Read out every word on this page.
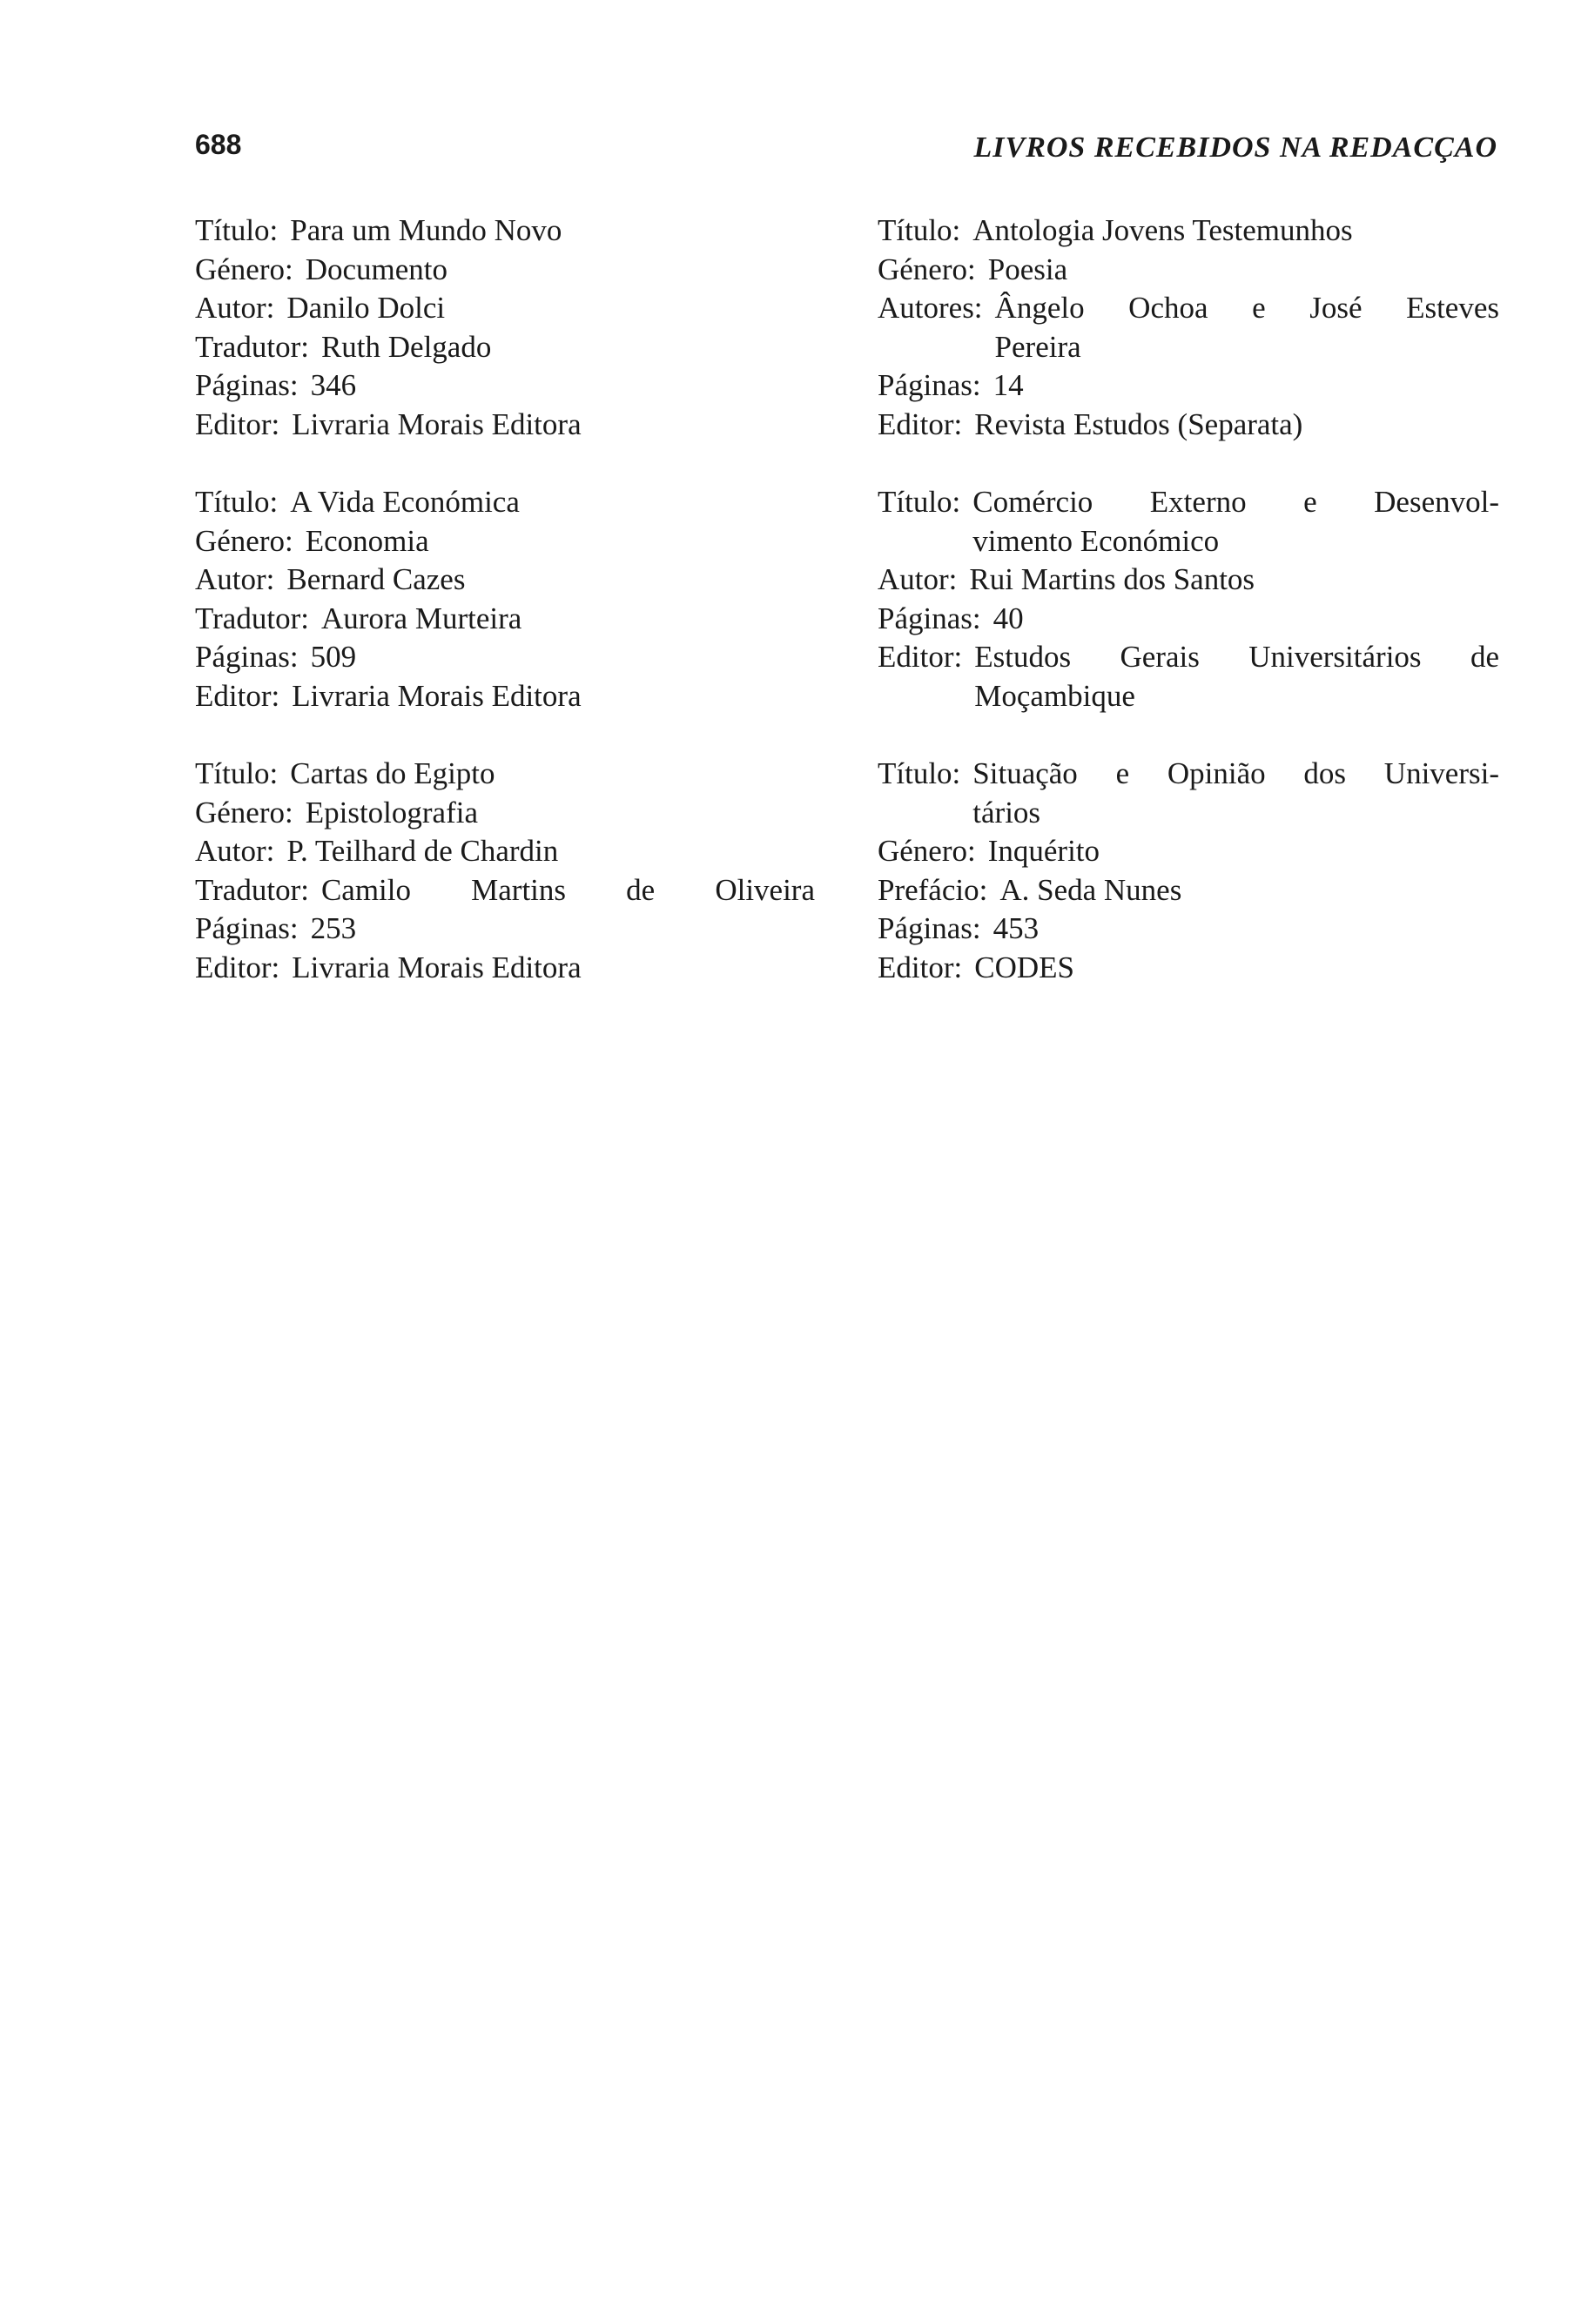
688	LIVROS RECEBIDOS NA REDACÇAO
Título: Para um Mundo Novo
Género: Documento
Autor: Danilo Dolci
Tradutor: Ruth Delgado
Páginas: 346
Editor: Livraria Morais Editora
Título: A Vida Económica
Género: Economia
Autor: Bernard Cazes
Tradutor: Aurora Murteira
Páginas: 509
Editor: Livraria Morais Editora
Título: Cartas do Egipto
Género: Epistolografia
Autor: P. Teilhard de Chardin
Tradutor: Camilo Martins de Oliveira
Páginas: 253
Editor: Livraria Morais Editora
Título: Antologia Jovens Testemunhos
Género: Poesia
Autores: Ângelo Ochoa e José Esteves
Pereira
Páginas: 14
Editor: Revista Estudos (Separata)
Título: Comércio Externo e Desenvol-
vimento Económico
Autor: Rui Martins dos Santos
Páginas: 40
Editor: Estudos Gerais Universitários de
Moçambique
Título: Situação e Opinião dos Universi-
tários
Género: Inquérito
Prefácio: A. Seda Nunes
Páginas: 453
Editor: CODES
